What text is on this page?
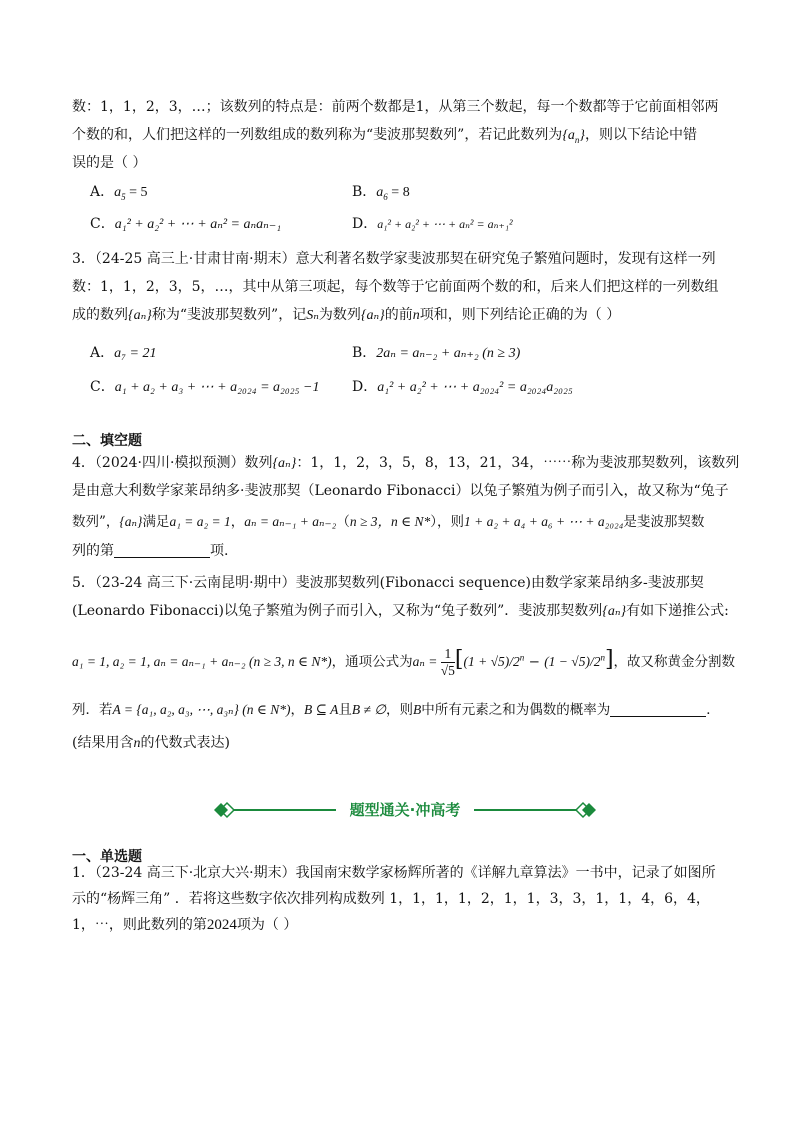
数：1，1，2，3，…；该数列的特点是：前两个数都是1，从第三个数起，每一个数都等于它前面相邻两
个数的和，人们把这样的一列数组成的数列称为“斐波那契数列”，若记此数列为$\{a_n\}$，则以下结论中错
误的是（ ）
A．$a_5 = 5$	B．$a_6 = 8$
C．a₁² + a₂² + ⋯ + aₙ² = aₙaₙ₋₁	D．a₁² + a₂² + ⋯ + aₙ² = aₙ₊₁²
3．（24-25 高三上·甘肃甘南·期末）意大利著名数学家斐波那契在研究兔子繁殖问题时，发现有这样一列
数：1，1，2，3，5，…，其中从第三项起，每个数等于它前面两个数的和，后来人们把这样的一列数组
成的数列{aₙ}称为“斐波那契数列”，记Sₙ为数列{aₙ}的前n项和，则下列结论正确的为（ ）
A．a₇ = 21	B．2aₙ = aₙ₋₂ + aₙ₊₂ (n ≥ 3)
C．a₁ + a₂ + a₃ + ⋯ + a₂₀₂₄ = a₂₀₂₅ −1 D．a₁² + a₂² + ⋯ + a₂₀₂₄² = a₂₀₂₄a₂₀₂₅
二、填空题
4．（2024·四川·模拟预测）数列{aₙ}：1，1，2，3，5，8，13，21，34，⋯⋯称为斐波那契数列，该数列
是由意大利数学家莱昂纳多·斐波那契（Leonardo Fibonacci）以兔子繁殖为例子而引入，故又称为“兔子
数列”，{aₙ}满足a₁ = a₂ = 1，aₙ = aₙ₋₁ + aₙ₋₂（n ≥ 3，n ∈ N*），则1 + a₂ + a₄ + a₆ + ⋯ + a₂₀₂₄是斐波那契数
列的第	项.
5．（23-24 高三下·云南昆明·期中）斐波那契数列(Fibonacci sequence)由数学家莱昂纳多-斐波那契
(Leonardo Fibonacci)以兔子繁殖为例子而引入，又称为“兔子数列”．斐波那契数列{aₙ}有如下递推公式:
a₁ = 1, a₂ = 1, aₙ = aₙ₋₁ + aₙ₋₂ (n ≥ 3, n ∈ N*)，通项公式为$a_n = \frac{1}{√5} [(1 + √5)/2^n - (1 - √5)/2^n]$，故又称黄金分割数
列．若A = {a₁, a₂, a₃, ⋯, a₃ₙ} (n ∈ N*)，B ⊆ A且B ≠ ∅，则B中所有元素之和为偶数的概率为	．
(结果用含n的代数式表达)
题型通关·冲高考
一、单选题
1．（23-24 高三下·北京大兴·期末）我国南宋数学家杨辉所著的《详解九章算法》一书中，记录了如图所
示的“杨辉三角” ．若将这些数字依次排列构成数列 1，1，1，1，2，1，1，3，3，1，1，4，6，4，
1，⋯，则此数列的第2024项为（ ）
